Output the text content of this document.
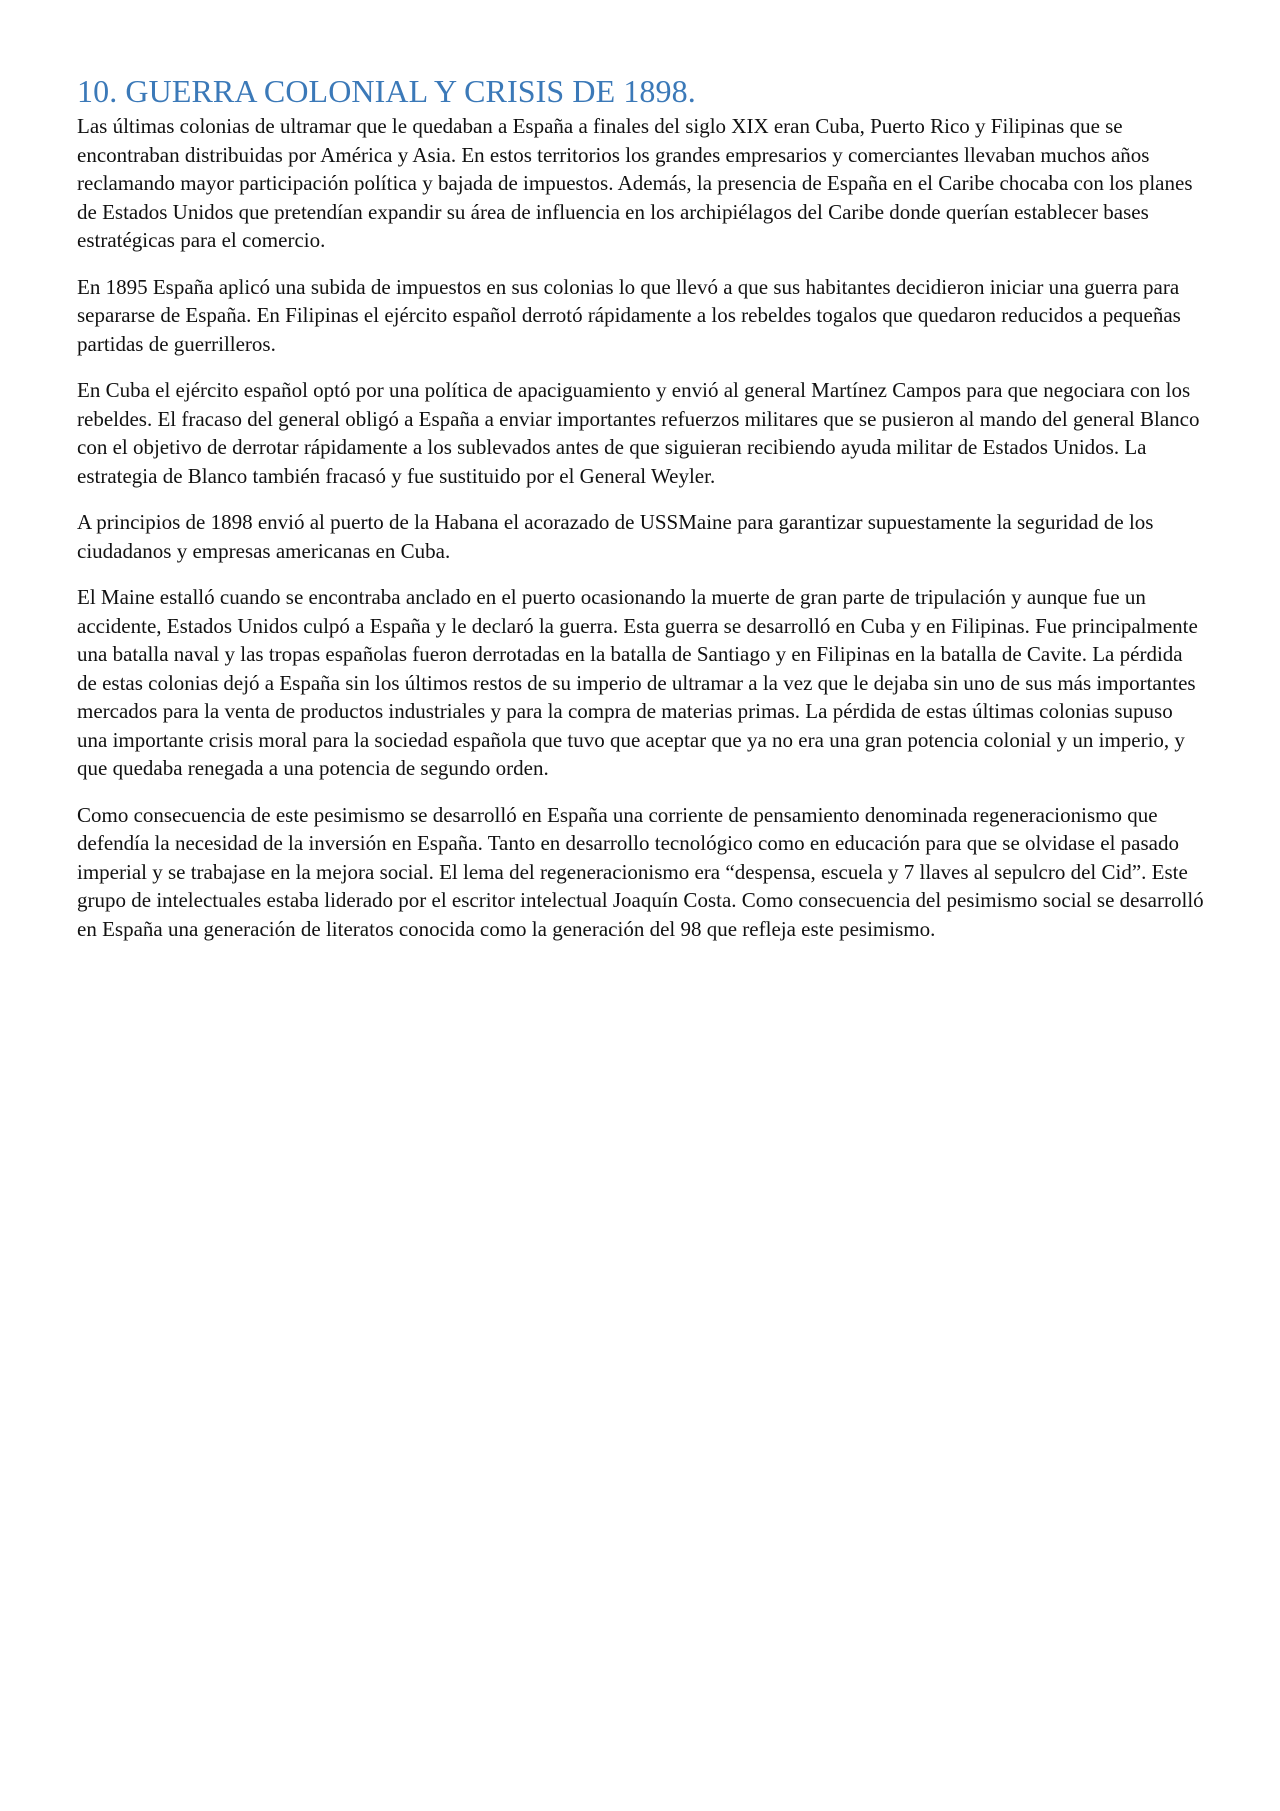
10. GUERRA COLONIAL Y CRISIS DE 1898.

Las últimas colonias de ultramar que le quedaban a España a finales del siglo XIX eran Cuba, Puerto Rico y Filipinas que se encontraban distribuidas por América y Asia. En estos territorios los grandes empresarios y comerciantes llevaban muchos años reclamando mayor participación política y bajada de impuestos. Además, la presencia de España en el Caribe chocaba con los planes de Estados Unidos que pretendían expandir su área de influencia en los archipiélagos del Caribe donde querían establecer bases estratégicas para el comercio.

En 1895 España aplicó una subida de impuestos en sus colonias lo que llevó a que sus habitantes decidieron iniciar una guerra para separarse de España. En Filipinas el ejército español derrotó rápidamente a los rebeldes togalos que quedaron reducidos a pequeñas partidas de guerrilleros.

En Cuba el ejército español optó por una política de apaciguamiento y envió al general Martínez Campos para que negociara con los rebeldes. El fracaso del general obligó a España a enviar importantes refuerzos militares que se pusieron al mando del general Blanco con el objetivo de derrotar rápidamente a los sublevados antes de que siguieran recibiendo ayuda militar de Estados Unidos. La estrategia de Blanco también fracasó y fue sustituido por el General Weyler.

A principios de 1898 envió al puerto de la Habana el acorazado de USSMaine para garantizar supuestamente la seguridad de los ciudadanos y empresas americanas en Cuba.

El Maine estalló cuando se encontraba anclado en el puerto ocasionando la muerte de gran parte de tripulación y aunque fue un accidente, Estados Unidos culpó a España y le declaró la guerra. Esta guerra se desarrolló en Cuba y en Filipinas. Fue principalmente una batalla naval y las tropas españolas fueron derrotadas en la batalla de Santiago y en Filipinas en la batalla de Cavite. La pérdida de estas colonias dejó a España sin los últimos restos de su imperio de ultramar a la vez que le dejaba sin uno de sus más importantes mercados para la venta de productos industriales y para la compra de materias primas. La pérdida de estas últimas colonias supuso una importante crisis moral para la sociedad española que tuvo que aceptar que ya no era una gran potencia colonial y un imperio, y que quedaba renegada a una potencia de segundo orden.

Como consecuencia de este pesimismo se desarrolló en España una corriente de pensamiento denominada regeneracionismo que defendía la necesidad de la inversión en España. Tanto en desarrollo tecnológico como en educación para que se olvidase el pasado imperial y se trabajase en la mejora social. El lema del regeneracionismo era “despensa, escuela y 7 llaves al sepulcro del Cid”. Este grupo de intelectuales estaba liderado por el escritor intelectual Joaquín Costa. Como consecuencia del pesimismo social se desarrolló en España una generación de literatos conocida como la generación del 98 que refleja este pesimismo.
